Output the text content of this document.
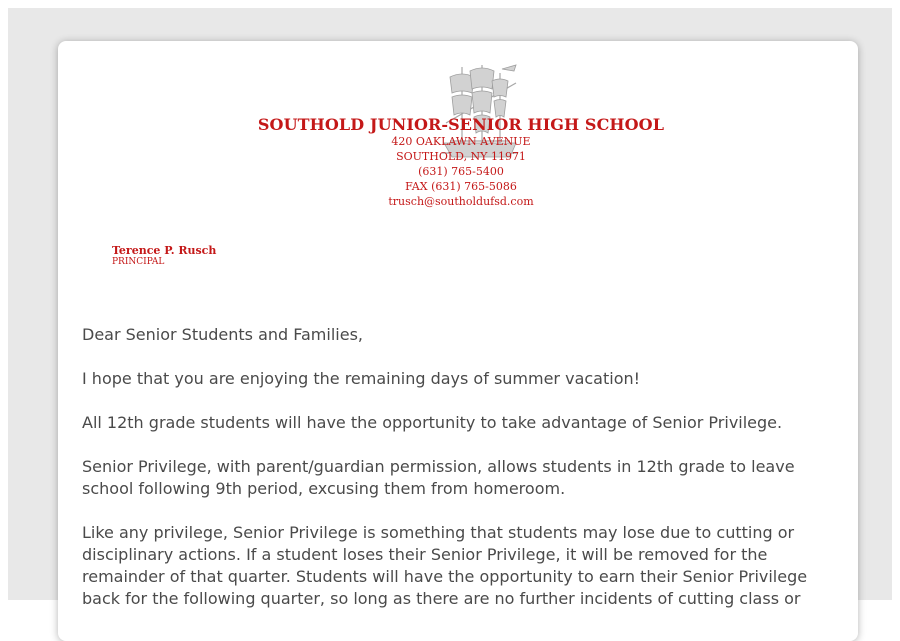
SOUTHOLD JUNIOR-SENIOR HIGH SCHOOL
420 OAKLAWN AVENUE
SOUTHOLD, NY 11971
(631) 765-5400
FAX (631) 765-5086
trusch@southoldufsd.com
Terence P. Rusch
PRINCIPAL

Dear Senior Students and Families,

I hope that you are enjoying the remaining days of summer vacation!

All 12th grade students will have the opportunity to take advantage of Senior Privilege.

Senior Privilege, with parent/guardian permission, allows students in 12th grade to leave school following 9th period, excusing them from homeroom.

Like any privilege, Senior Privilege is something that students may lose due to cutting or disciplinary actions. If a student loses their Senior Privilege, it will be removed for the remainder of that quarter. Students will have the opportunity to earn their Senior Privilege back for the following quarter, so long as there are no further incidents of cutting class or
